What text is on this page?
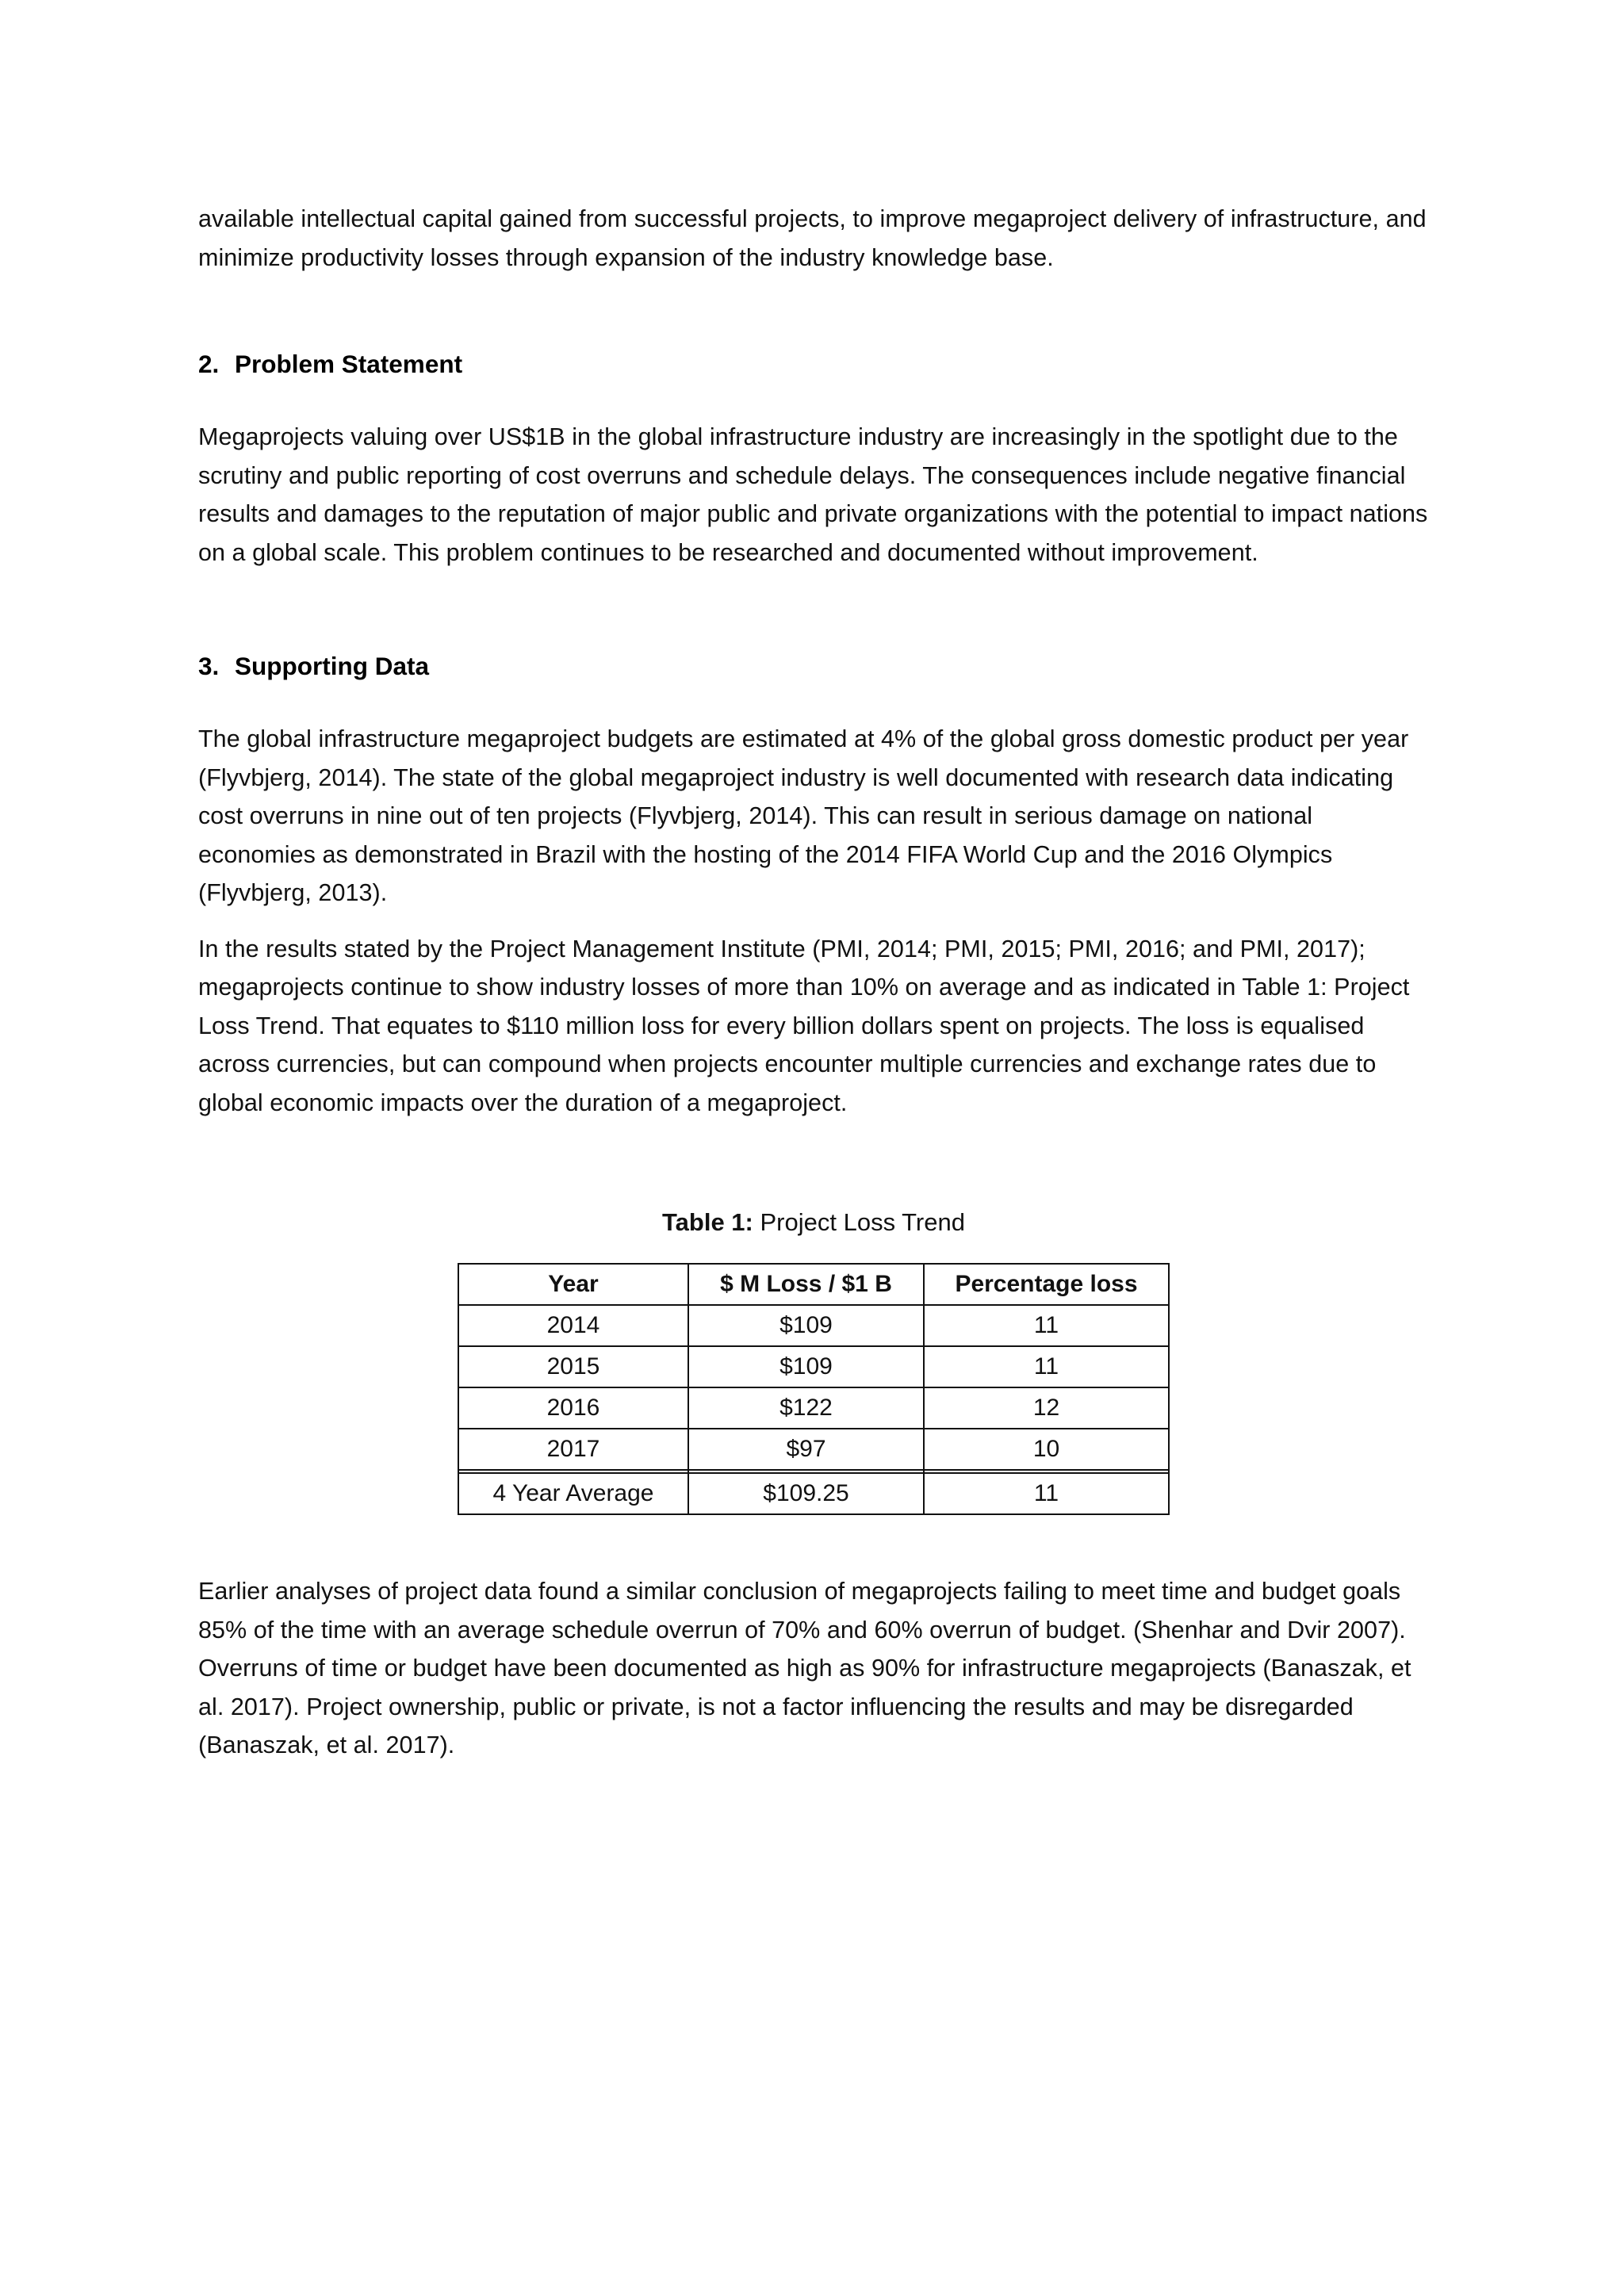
available intellectual capital gained from successful projects, to improve megaproject delivery of infrastructure, and minimize productivity losses through expansion of the industry knowledge base.

2. Problem Statement

Megaprojects valuing over US$1B in the global infrastructure industry are increasingly in the spotlight due to the scrutiny and public reporting of cost overruns and schedule delays. The consequences include negative financial results and damages to the reputation of major public and private organizations with the potential to impact nations on a global scale. This problem continues to be researched and documented without improvement.

3. Supporting Data

The global infrastructure megaproject budgets are estimated at 4% of the global gross domestic product per year (Flyvbjerg, 2014). The state of the global megaproject industry is well documented with research data indicating cost overruns in nine out of ten projects (Flyvbjerg, 2014). This can result in serious damage on national economies as demonstrated in Brazil with the hosting of the 2014 FIFA World Cup and the 2016 Olympics (Flyvbjerg, 2013).

In the results stated by the Project Management Institute (PMI, 2014; PMI, 2015; PMI, 2016; and PMI, 2017); megaprojects continue to show industry losses of more than 10% on average and as indicated in Table 1: Project Loss Trend. That equates to $110 million loss for every billion dollars spent on projects. The loss is equalised across currencies, but can compound when projects encounter multiple currencies and exchange rates due to global economic impacts over the duration of a megaproject.

Table 1: Project Loss Trend
Year	$ M Loss / $1 B	Percentage loss
2014	$109	11
2015	$109	11
2016	$122	12
2017	$97	10

4 Year Average	$109.25	11

Earlier analyses of project data found a similar conclusion of megaprojects failing to meet time and budget goals 85% of the time with an average schedule overrun of 70% and 60% overrun of budget. (Shenhar and Dvir 2007). Overruns of time or budget have been documented as high as 90% for infrastructure megaprojects (Banaszak, et al. 2017). Project ownership, public or private, is not a factor influencing the results and may be disregarded (Banaszak, et al. 2017).
